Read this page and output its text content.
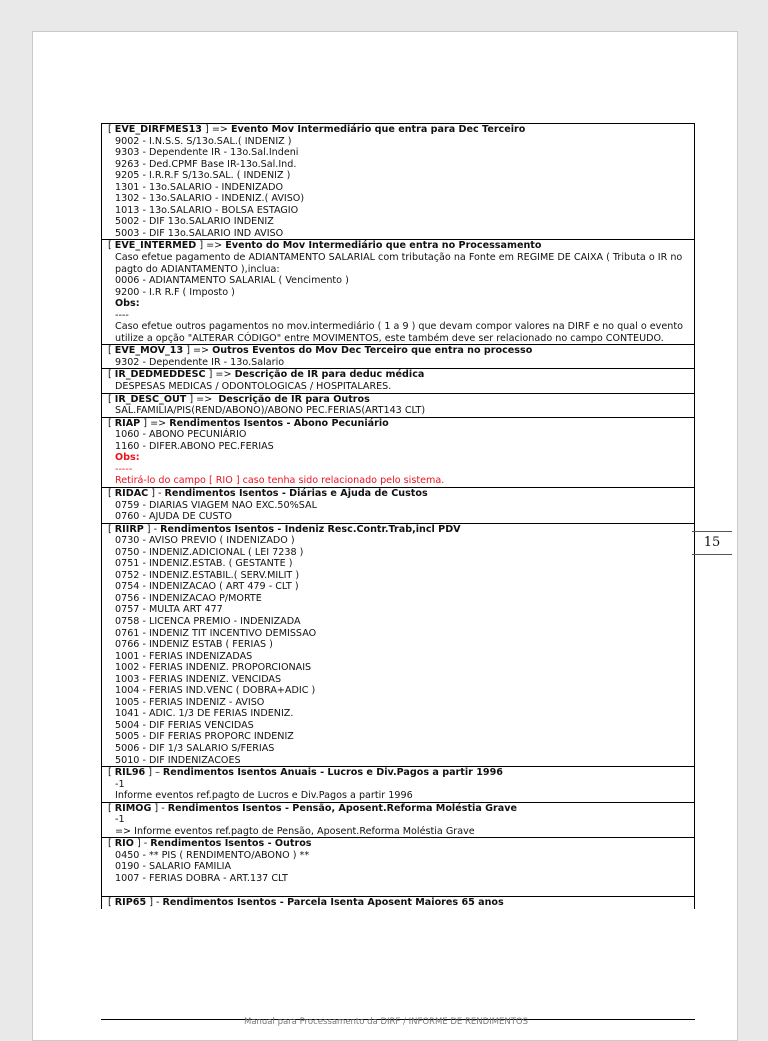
[ EVE_DIRFMES13 ] => Evento Mov Intermediário que entra para Dec Terceiro
9002 - I.N.S.S. S/13o.SAL.( INDENIZ )
9303 - Dependente IR - 13o.Sal.Indeni
9263 - Ded.CPMF Base IR-13o.Sal.Ind.
9205 - I.R.R.F S/13o.SAL. ( INDENIZ )
1301 - 13o.SALARIO - INDENIZADO
1302 - 13o.SALARIO - INDENIZ.( AVISO)
1013 - 13o.SALARIO - BOLSA ESTAGIO
5002 - DIF 13o.SALARIO INDENIZ
5003 - DIF 13o.SALARIO IND AVISO
[ EVE_INTERMED ] => Evento do Mov Intermediário que entra no Processamento
Caso efetue pagamento de ADIANTAMENTO SALARIAL com tributação na Fonte em REGIME DE CAIXA ( Tributa o IR no pagto do ADIANTAMENTO ),inclua:
0006 - ADIANTAMENTO SALARIAL ( Vencimento )
9200 - I.R R.F ( Imposto )
Obs:
----
Caso efetue outros pagamentos no mov.intermediário ( 1 a 9 ) que devam compor valores na DIRF e no qual o evento utilize a opção "ALTERAR CÓDIGO" entre MOVIMENTOS, este também deve ser relacionado no campo CONTEUDO.
[ EVE_MOV_13 ] => Outros Eventos do Mov Dec Terceiro que entra no processo
9302 - Dependente IR - 13o.Salario
[ IR_DEDMEDDESC ] => Descrição de IR para deduc médica
DESPESAS MEDICAS / ODONTOLOGICAS / HOSPITALARES.
[ IR_DESC_OUT ] =>  Descrição de IR para Outros
SAL.FAMILIA/PIS(REND/ABONO)/ABONO PEC.FERIAS(ART143 CLT)
[ RIAP ] => Rendimentos Isentos - Abono Pecuniário
1060 - ABONO PECUNIÁRIO
1160 - DIFER.ABONO PEC.FERIAS
Obs:
-----
Retirá-lo do campo [ RIO ] caso tenha sido relacionado pelo sistema.
[ RIDAC ] - Rendimentos Isentos - Diárias e Ajuda de Custos
0759 - DIARIAS VIAGEM NAO EXC.50%SAL
0760 - AJUDA DE CUSTO
[ RIIRP ] - Rendimentos Isentos - Indeniz Resc.Contr.Trab,incl PDV
0730 - AVISO PREVIO ( INDENIZADO )
0750 - INDENIZ.ADICIONAL ( LEI 7238 )
0751 - INDENIZ.ESTAB. ( GESTANTE )
0752 - INDENIZ.ESTABIL.( SERV.MILIT )
0754 - INDENIZACAO ( ART 479 - CLT )
0756 - INDENIZACAO P/MORTE
0757 - MULTA ART 477
0758 - LICENCA PREMIO - INDENIZADA
0761 - INDENIZ TIT INCENTIVO DEMISSAO
0766 - INDENIZ ESTAB ( FERIAS )
1001 - FERIAS INDENIZADAS
1002 - FERIAS INDENIZ. PROPORCIONAIS
1003 - FERIAS INDENIZ. VENCIDAS
1004 - FERIAS IND.VENC ( DOBRA+ADIC )
1005 - FERIAS INDENIZ - AVISO
1041 - ADIC. 1/3 DE FERIAS INDENIZ.
5004 - DIF FERIAS VENCIDAS
5005 - DIF FERIAS PROPORC INDENIZ
5006 - DIF 1/3 SALARIO S/FERIAS
5010 - DIF INDENIZACOES
[ RIL96 ] – Rendimentos Isentos Anuais - Lucros e Div.Pagos a partir 1996
-1
Informe eventos ref.pagto de Lucros e Div.Pagos a partir 1996
[ RIMOG ] - Rendimentos Isentos - Pensão, Aposent.Reforma Moléstia Grave
-1
=> Informe eventos ref.pagto de Pensão, Aposent.Reforma Moléstia Grave
[ RIO ] - Rendimentos Isentos - Outros
0450 - ** PIS ( RENDIMENTO/ABONO ) **
0190 - SALARIO FAMILIA
1007 - FERIAS DOBRA - ART.137 CLT

[ RIP65 ] - Rendimentos Isentos - Parcela Isenta Aposent Maiores 65 anos
Manual para Processamento da DIRF / INFORME DE RENDIMENTOS
15
